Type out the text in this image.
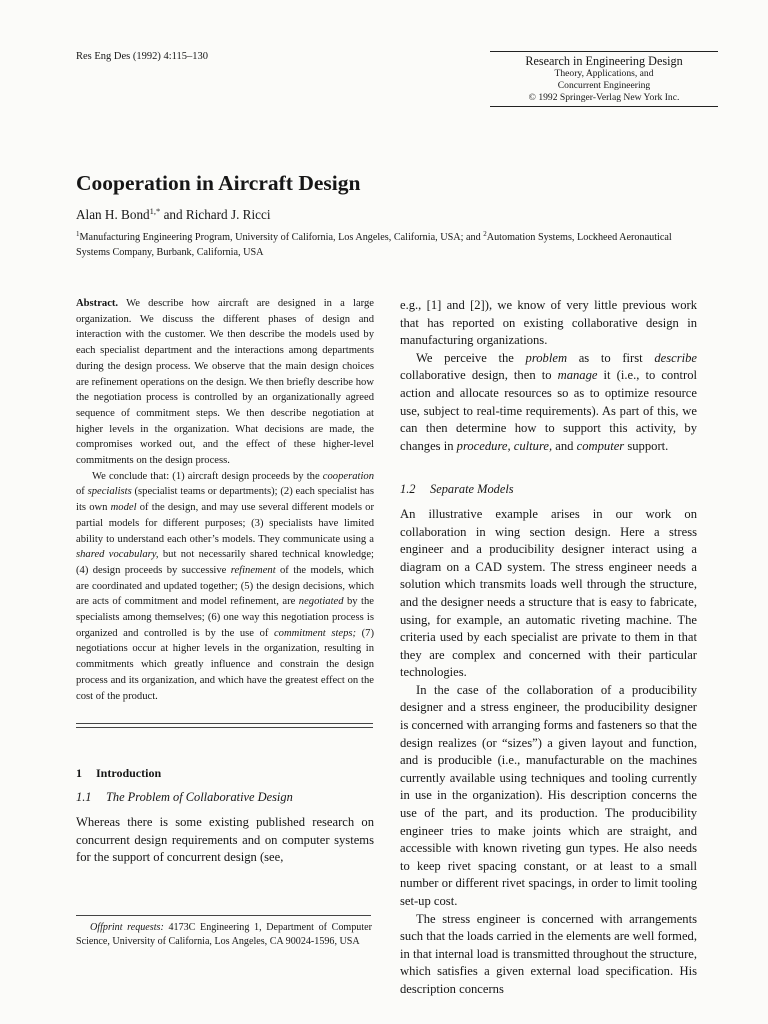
Res Eng Des (1992) 4:115–130	Research in Engineering Design
Theory, Applications, and
Concurrent Engineering
© 1992 Springer-Verlag New York Inc.
Cooperation in Aircraft Design
Alan H. Bond$^{1,*}$ and Richard J. Ricci
$^1$Manufacturing Engineering Program, University of California, Los Angeles, California, USA; and $^2$Automation Systems, Lockheed Aeronautical Systems Company, Burbank, California, USA

Abstract. We describe how aircraft are designed in a large organization. We discuss the different phases of design and interaction with the customer. We then describe the models used by each specialist department and the interactions among departments during the design process. We observe that the main design choices are refinement operations on the design. We then briefly describe how the negotiation process is controlled by an organizationally agreed sequence of commitment steps. We then describe negotiation at higher levels in the organization. What decisions are made, the compromises worked out, and the effect of these higher-level commitments on the design process.

We conclude that: (1) aircraft design proceeds by the cooperation of specialists (specialist teams or departments); (2) each specialist has its own model of the design, and may use several different models or partial models for different purposes; (3) specialists have limited ability to understand each other’s models. They communicate using a shared vocabulary, but not necessarily shared technical knowledge; (4) design proceeds by successive refinement of the models, which are coordinated and updated together; (5) the design decisions, which are acts of commitment and model refinement, are negotiated by the specialists among themselves; (6) one way this negotiation process is organized and controlled is by the use of commitment steps; (7) negotiations occur at higher levels in the organization, resulting in commitments which greatly influence and constrain the design process and its organization, and which have the greatest effect on the cost of the product.

1 Introduction
1.1 The Problem of Collaborative Design

Whereas there is some existing published research on concurrent design requirements and on computer systems for the support of concurrent design (see,

Offprint requests: 4173C Engineering 1, Department of Computer Science, University of California, Los Angeles, CA 90024-1596, USA

e.g., [1] and [2]), we know of very little previous work that has reported on existing collaborative design in manufacturing organizations.

We perceive the problem as to first describe collaborative design, then to manage it (i.e., to control action and allocate resources so as to optimize resource use, subject to real-time requirements). As part of this, we can then determine how to support this activity, by changes in procedure, culture, and computer support.

1.2 Separate Models

An illustrative example arises in our work on collaboration in wing section design. Here a stress engineer and a producibility designer interact using a diagram on a CAD system. The stress engineer needs a solution which transmits loads well through the structure, and the designer needs a structure that is easy to fabricate, using, for example, an automatic riveting machine. The criteria used by each specialist are private to them in that they are complex and concerned with their particular technologies.

In the case of the collaboration of a producibility designer and a stress engineer, the producibility designer is concerned with arranging forms and fasteners so that the design realizes (or “sizes”) a given layout and function, and is producible (i.e., manufacturable on the machines currently available using techniques and tooling currently in use in the organization). His description concerns the use of the part, and its production. The producibility engineer tries to make joints which are straight, and accessible with known riveting gun types. He also needs to keep rivet spacing constant, or at least to a small number or different rivet spacings, in order to limit tooling set-up cost.

The stress engineer is concerned with arrangements such that the loads carried in the elements are well formed, in that internal load is transmitted throughout the structure, which satisfies a given external load specification. His description concerns
